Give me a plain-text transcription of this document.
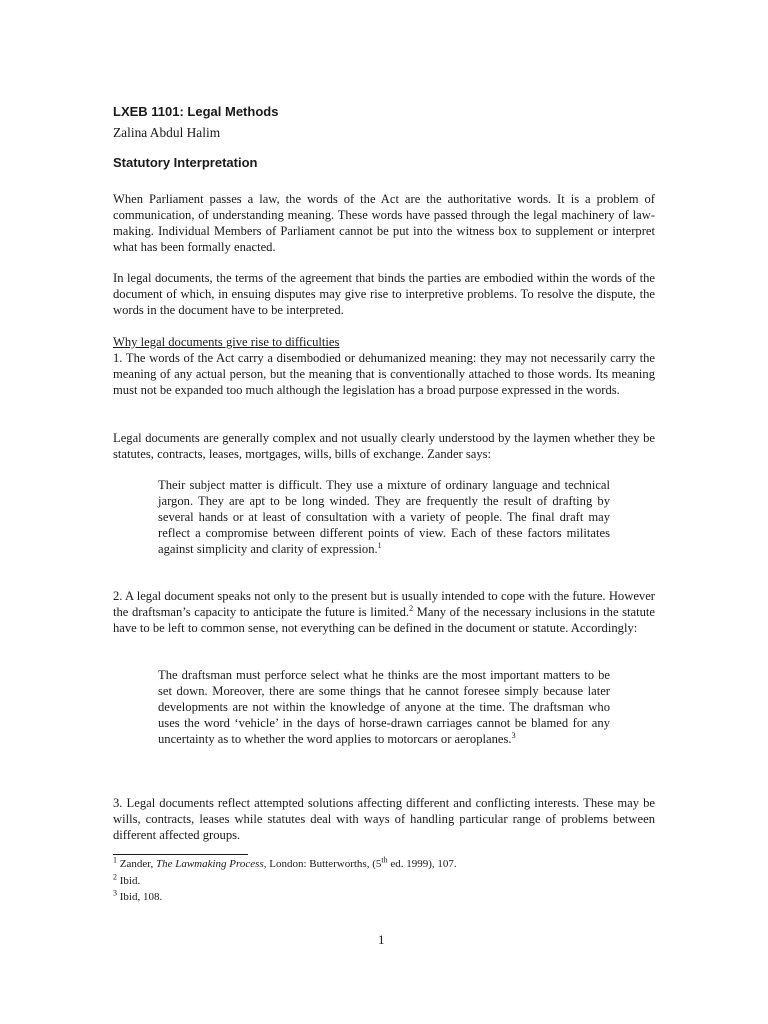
LXEB 1101: Legal Methods
Zalina Abdul Halim
Statutory Interpretation

When Parliament passes a law, the words of the Act are the authoritative words. It is a problem of communication, of understanding meaning. These words have passed through the legal machinery of law-making. Individual Members of Parliament cannot be put into the witness box to supplement or interpret what has been formally enacted.

In legal documents, the terms of the agreement that binds the parties are embodied within the words of the document of which, in ensuing disputes may give rise to interpretive problems. To resolve the dispute, the words in the document have to be interpreted.

Why legal documents give rise to difficulties

1. The words of the Act carry a disembodied or dehumanized meaning: they may not necessarily carry the meaning of any actual person, but the meaning that is conventionally attached to those words. Its meaning must not be expanded too much although the legislation has a broad purpose expressed in the words.

Legal documents are generally complex and not usually clearly understood by the laymen whether they be statutes, contracts, leases, mortgages, wills, bills of exchange. Zander says:

Their subject matter is difficult. They use a mixture of ordinary language and technical jargon. They are apt to be long winded. They are frequently the result of drafting by several hands or at least of consultation with a variety of people. The final draft may reflect a compromise between different points of view. Each of these factors militates against simplicity and clarity of expression.$^1$

2. A legal document speaks not only to the present but is usually intended to cope with the future. However the draftsman’s capacity to anticipate the future is limited.$^2$ Many of the necessary inclusions in the statute have to be left to common sense, not everything can be defined in the document or statute. Accordingly:

The draftsman must perforce select what he thinks are the most important matters to be set down. Moreover, there are some things that he cannot foresee simply because later developments are not within the knowledge of anyone at the time. The draftsman who uses the word ‘vehicle’ in the days of horse-drawn carriages cannot be blamed for any uncertainty as to whether the word applies to motorcars or aeroplanes.$^3$

3. Legal documents reflect attempted solutions affecting different and conflicting interests. These may be wills, contracts, leases while statutes deal with ways of handling particular range of problems between different affected groups.

$^1$ Zander, The Lawmaking Process, London: Butterworths, (5th ed. 1999), 107.
$^2$ Ibid.
$^3$ Ibid, 108.
1
